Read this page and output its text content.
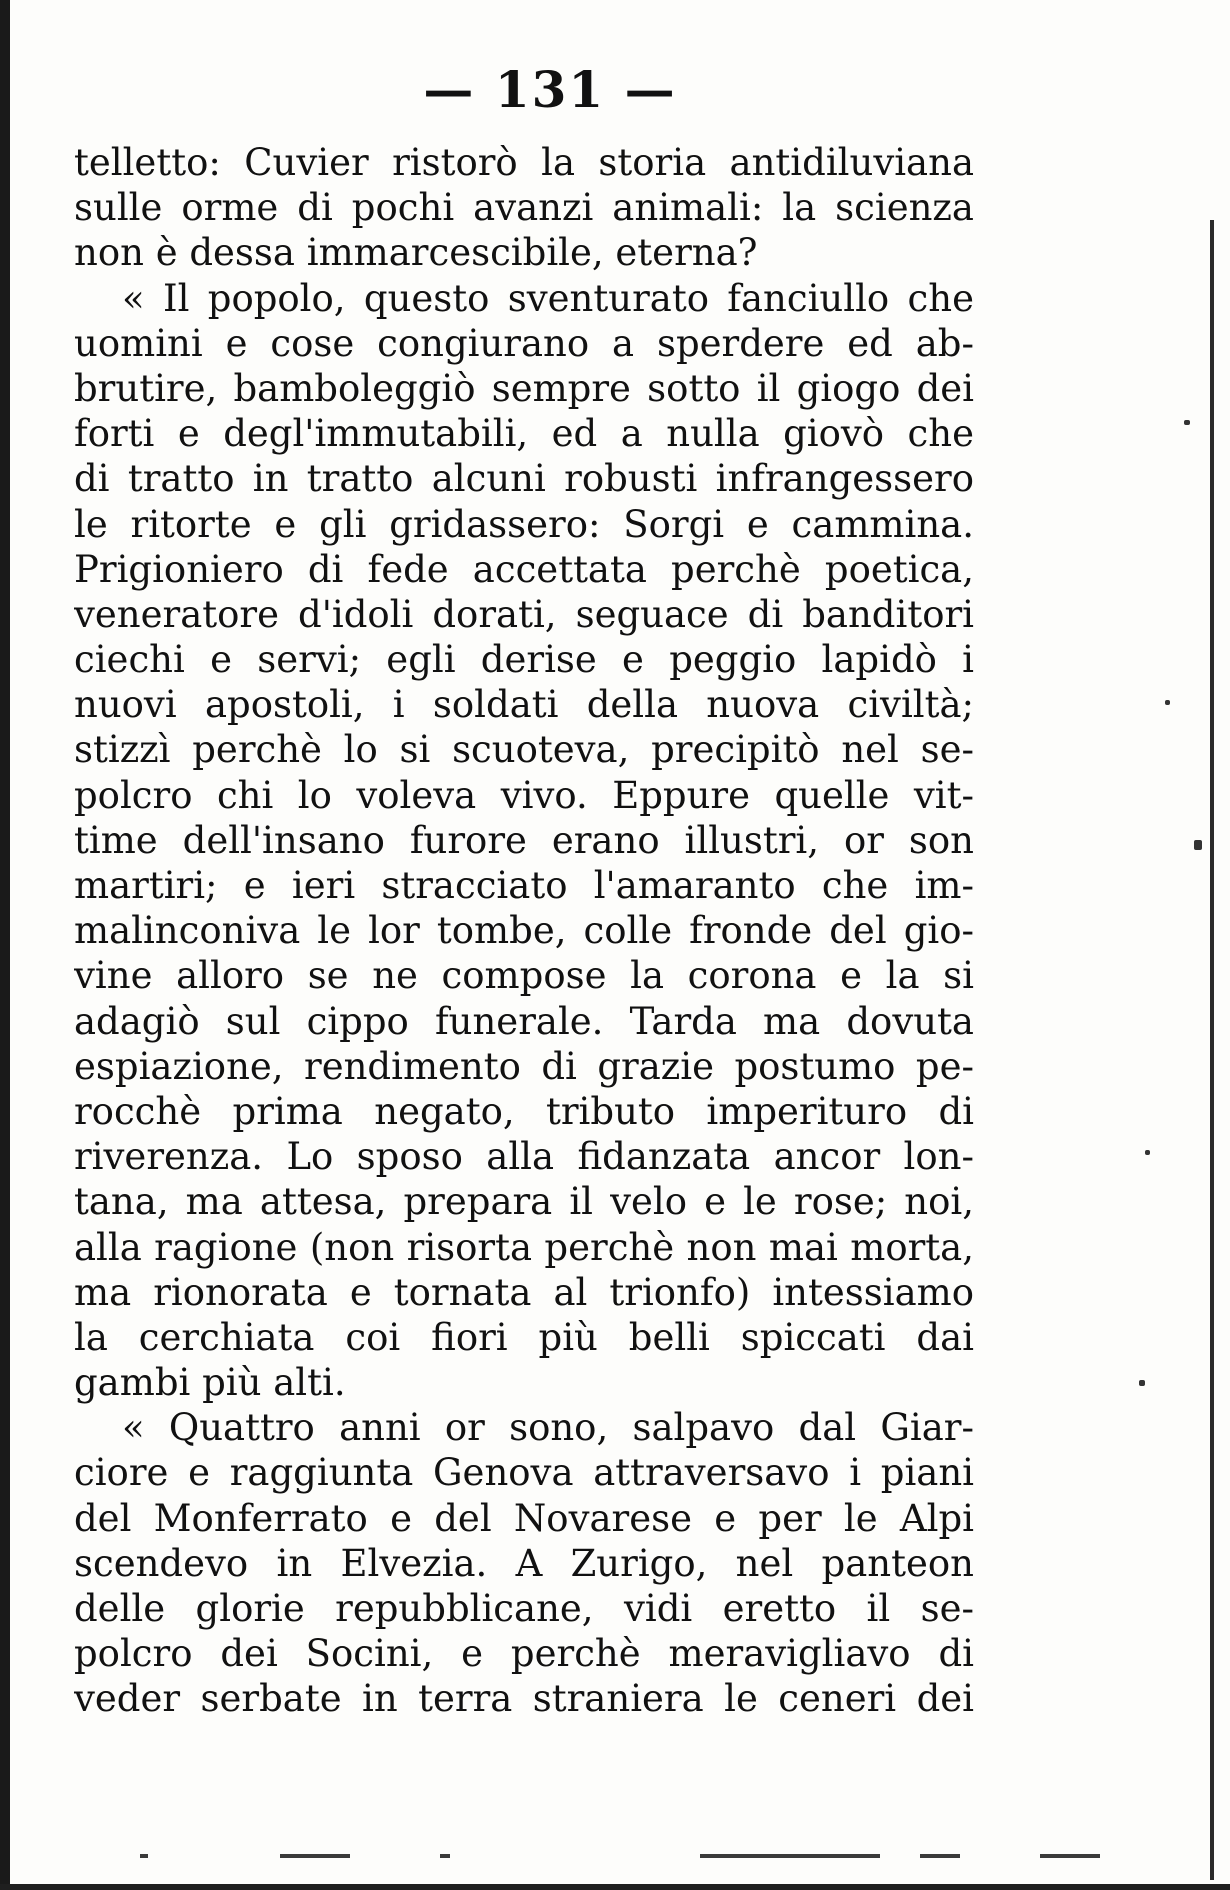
— 131 —
telletto: Cuvier ristorò la storia antidiluviana
sulle orme di pochi avanzi animali: la scienza
non è dessa immarcescibile, eterna?
« Il popolo, questo sventurato fanciullo che
uomini e cose congiurano a sperdere ed ab-
brutire, bamboleggiò sempre sotto il giogo dei
forti e degl'immutabili, ed a nulla giovò che
di tratto in tratto alcuni robusti infrangessero
le ritorte e gli gridassero: Sorgi e cammina.
Prigioniero di fede accettata perchè poetica,
veneratore d'idoli dorati, seguace di banditori
ciechi e servi; egli derise e peggio lapidò i
nuovi apostoli, i soldati della nuova civiltà;
stizzì perchè lo si scuoteva, precipitò nel se-
polcro chi lo voleva vivo. Eppure quelle vit-
time dell'insano furore erano illustri, or son
martiri; e ieri stracciato l'amaranto che im-
malinconiva le lor tombe, colle fronde del gio-
vine alloro se ne compose la corona e la si
adagiò sul cippo funerale. Tarda ma dovuta
espiazione, rendimento di grazie postumo pe-
rocchè prima negato, tributo imperituro di
riverenza. Lo sposo alla fidanzata ancor lon-
tana, ma attesa, prepara il velo e le rose; noi,
alla ragione (non risorta perchè non mai morta,
ma rionorata e tornata al trionfo) intessiamo
la cerchiata coi fiori più belli spiccati dai
gambi più alti.
« Quattro anni or sono, salpavo dal Giar-
ciore e raggiunta Genova attraversavo i piani
del Monferrato e del Novarese e per le Alpi
scendevo in Elvezia. A Zurigo, nel panteon
delle glorie repubblicane, vidi eretto il se-
polcro dei Socini, e perchè meravigliavo di
veder serbate in terra straniera le ceneri dei
